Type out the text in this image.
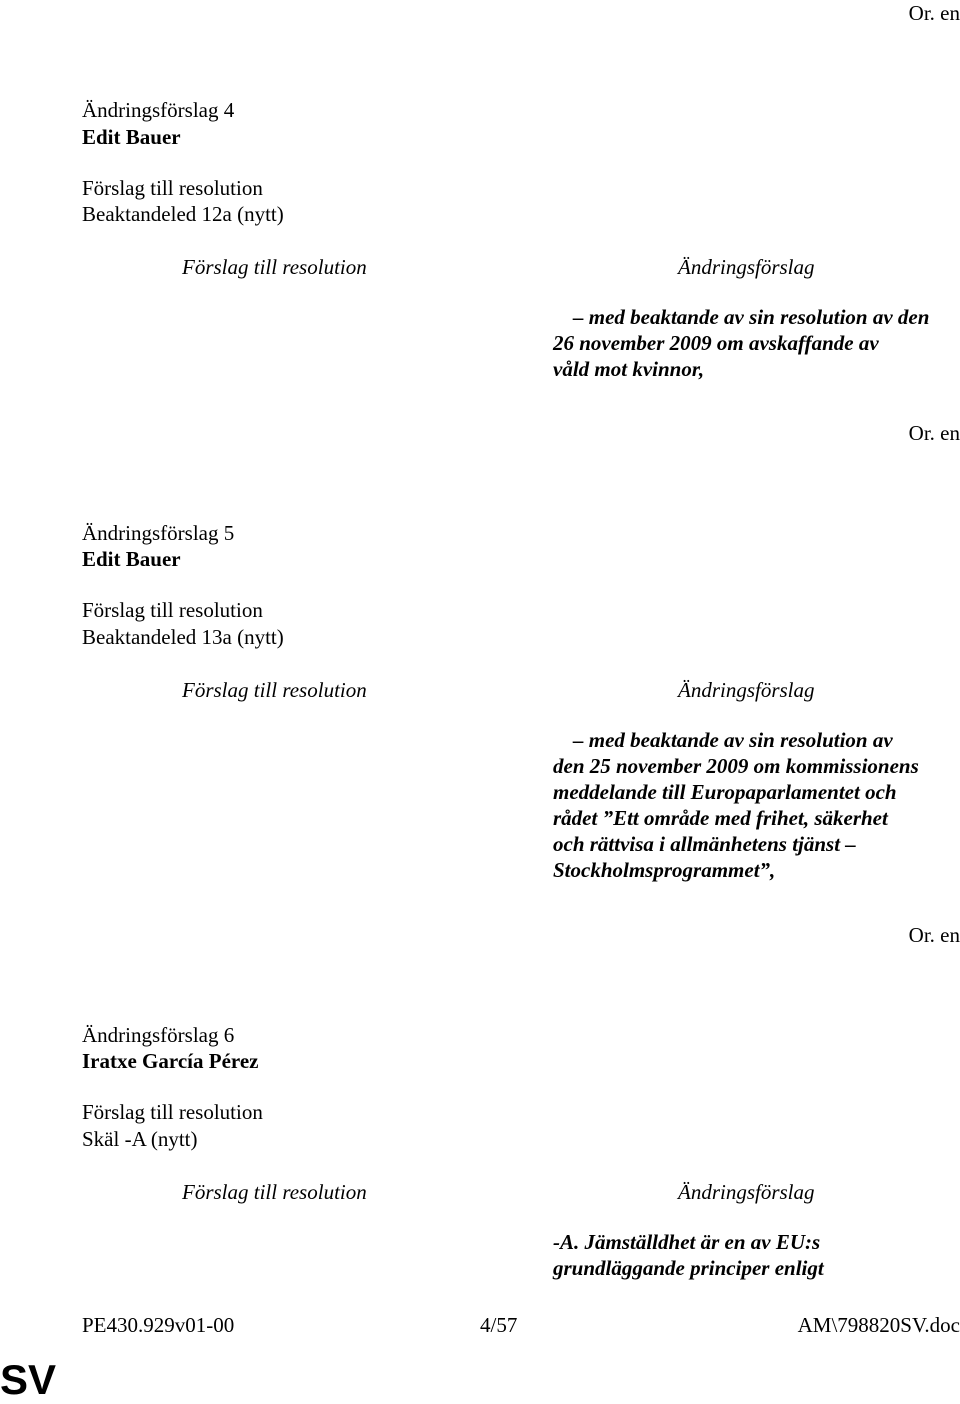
Or. en
Ändringsförslag 4
Edit Bauer
Förslag till resolution
Beaktandeled 12a (nytt)
Förslag till resolution	Ändringsförslag
– med beaktande av sin resolution av den
26 november 2009 om avskaffande av
våld mot kvinnor,
Or. en
Ändringsförslag 5
Edit Bauer
Förslag till resolution
Beaktandeled 13a (nytt)
Förslag till resolution	Ändringsförslag
– med beaktande av sin resolution av
den 25 november 2009 om kommissionens
meddelande till Europaparlamentet och
rådet ”Ett område med frihet, säkerhet
och rättvisa i allmänhetens tjänst –
Stockholmsprogrammet”,
Or. en
Ändringsförslag 6
Iratxe García Pérez
Förslag till resolution
Skäl -A (nytt)
Förslag till resolution	Ändringsförslag
-A. Jämställdhet är en av EU:s
grundläggande principer enligt
PE430.929v01-00	4/57	AM\798820SV.doc
SV
